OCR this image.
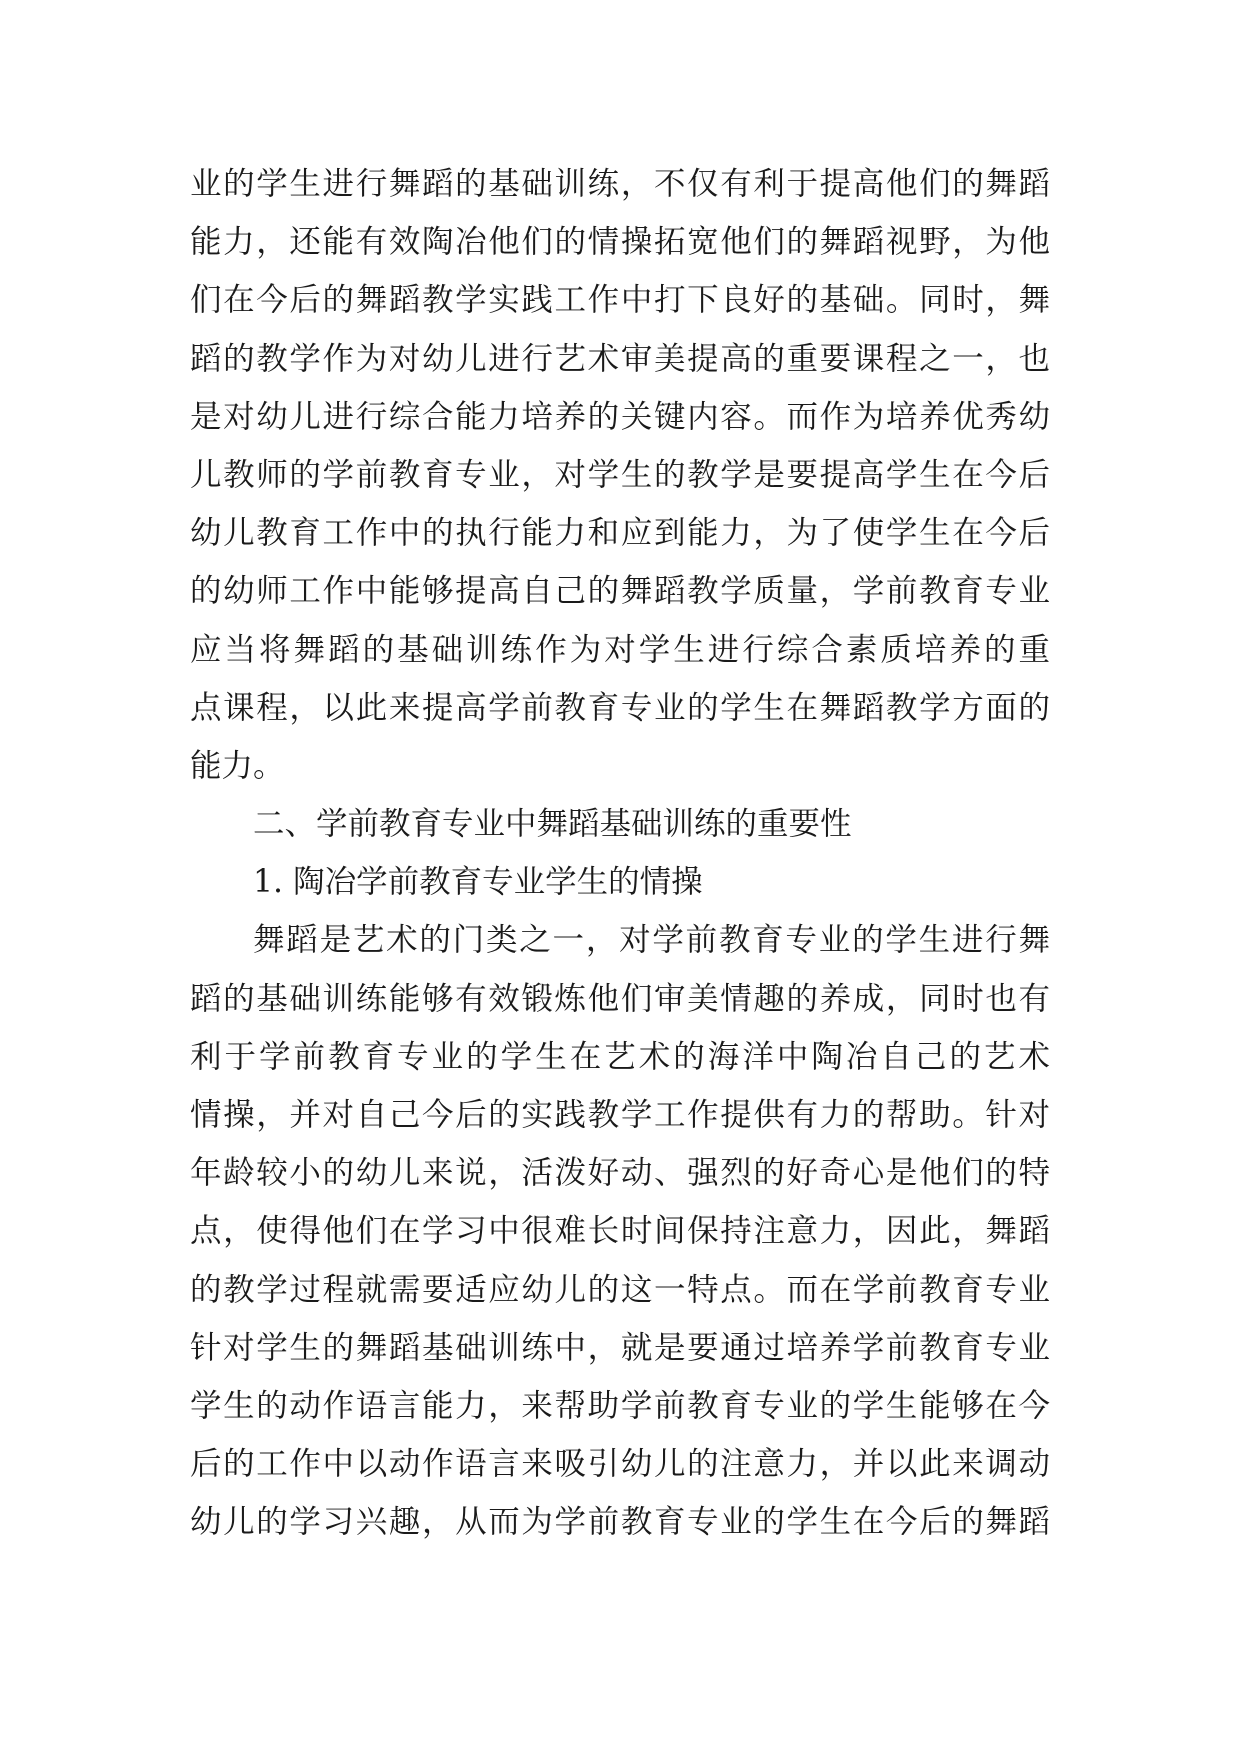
业的学生进行舞蹈的基础训练，不仅有利于提高他们的舞蹈
能力，还能有效陶冶他们的情操拓宽他们的舞蹈视野，为他
们在今后的舞蹈教学实践工作中打下良好的基础。同时，舞
蹈的教学作为对幼儿进行艺术审美提高的重要课程之一，也
是对幼儿进行综合能力培养的关键内容。而作为培养优秀幼
儿教师的学前教育专业，对学生的教学是要提高学生在今后
幼儿教育工作中的执行能力和应到能力，为了使学生在今后
的幼师工作中能够提高自己的舞蹈教学质量，学前教育专业
应当将舞蹈的基础训练作为对学生进行综合素质培养的重
点课程，以此来提高学前教育专业的学生在舞蹈教学方面的
能力。
二、学前教育专业中舞蹈基础训练的重要性
1. 陶冶学前教育专业学生的情操
舞蹈是艺术的门类之一，对学前教育专业的学生进行舞
蹈的基础训练能够有效锻炼他们审美情趣的养成，同时也有
利于学前教育专业的学生在艺术的海洋中陶冶自己的艺术
情操，并对自己今后的实践教学工作提供有力的帮助。针对
年龄较小的幼儿来说，活泼好动、强烈的好奇心是他们的特
点，使得他们在学习中很难长时间保持注意力，因此，舞蹈
的教学过程就需要适应幼儿的这一特点。而在学前教育专业
针对学生的舞蹈基础训练中，就是要通过培养学前教育专业
学生的动作语言能力，来帮助学前教育专业的学生能够在今
后的工作中以动作语言来吸引幼儿的注意力，并以此来调动
幼儿的学习兴趣，从而为学前教育专业的学生在今后的舞蹈
